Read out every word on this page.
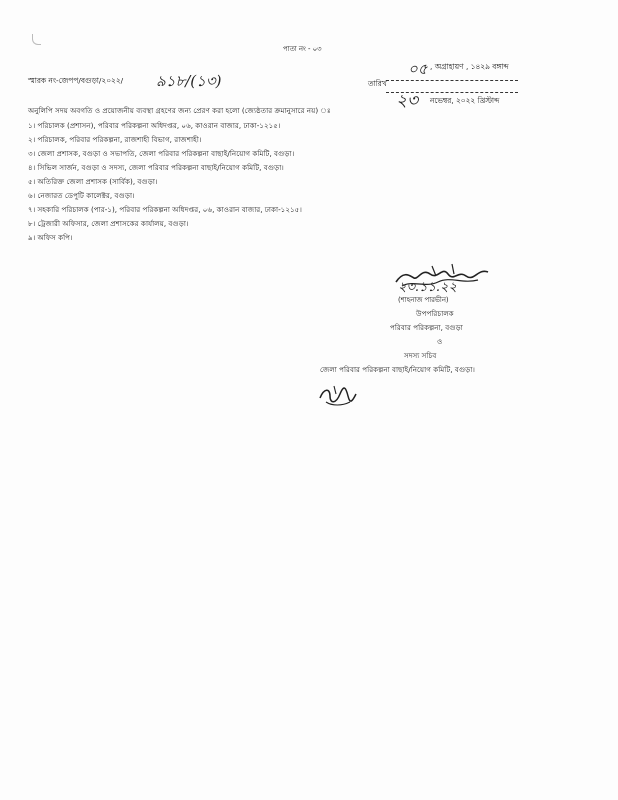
পাতা নং - ০৩
স্মারক নং-জেপপ/বগুড়া/২০২২/ ৯১৮/(১৩)
০৫ , অগ্রাহায়ণ , ১৪২৯ বঙ্গাব্দ
তারিখ
২৩ নভেম্বর, ২০২২ খ্রিস্টাব্দ
অনুলিপি সদয় অবগতি ও প্রয়োজনীয় ব্যবস্থা গ্রহণের জন্য প্রেরণ করা হলো (জ্যেষ্ঠতার ক্রমানুসারে নয়) ঃ
১। পরিচালক (প্রশাসন), পরিবার পরিকল্পনা অধিদপ্তর, ০৬, কাওরান বাজার, ঢাকা-১২১৫।
২। পরিচালক, পরিবার পরিকল্পনা, রাজশাহী বিভাগ, রাজশাহী।
৩। জেলা প্রশাসক, বগুড়া ও সভাপতি, জেলা পরিবার পরিকল্পনা বাছাই/নিয়োগ কমিটি, বগুড়া।
৪। সিভিল সার্জন, বগুড়া ও সদস্য, জেলা পরিবার পরিকল্পনা বাছাই/নিয়োগ কমিটি, বগুড়া।
৫। অতিরিক্ত জেলা প্রশাসক (সার্বিক), বগুড়া।
৬। নেজারত ডেপুটি কালেক্টর, বগুড়া।
৭। সহকারি পরিচালক (পার-১), পরিবার পরিকল্পনা অধিদপ্তর, ০৬, কাওরান বাজার, ঢাকা-১২১৫।
৮। ট্রেজারী অফিসার, জেলা প্রশাসকের কার্যালয়, বগুড়া।
৯। অফিস কপি।
২৩.১১.২২
(শাহনাজ পারভীন)
উপপরিচালক
পরিবার পরিকল্পনা, বগুড়া
ও
সদস্য সচিব
জেলা পরিবার পরিকল্পনা বাছাই/নিয়োগ কমিটি, বগুড়া।
